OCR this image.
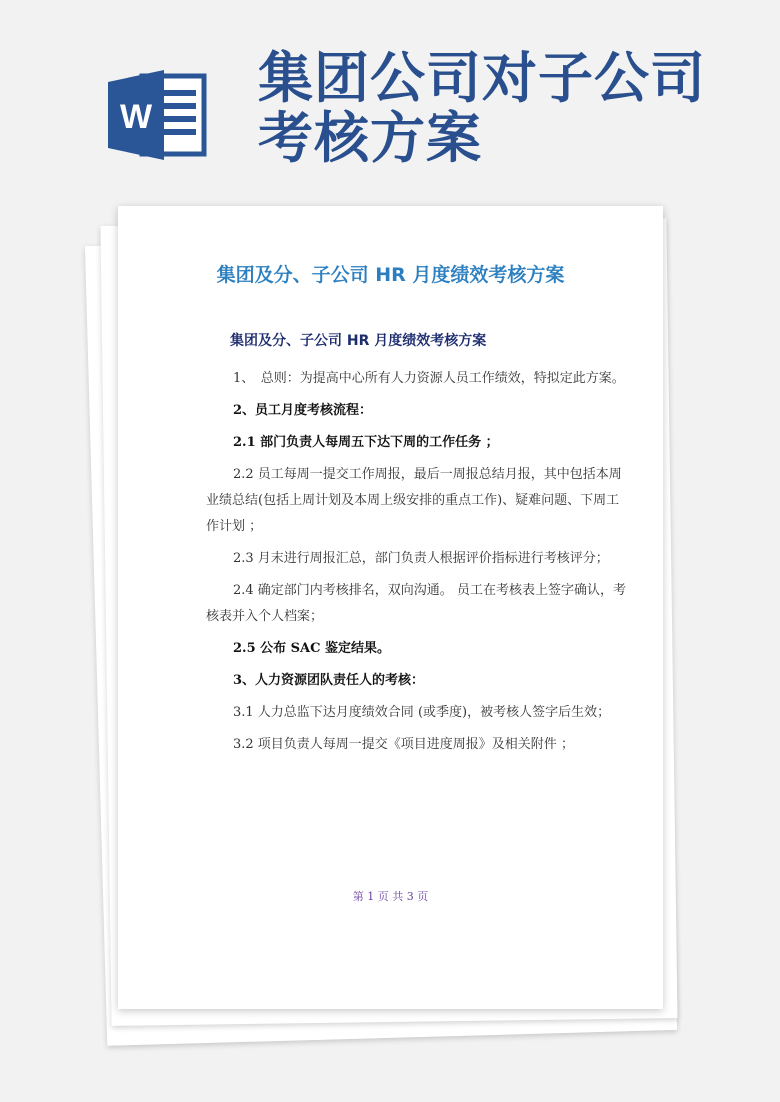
W
集团公司对子公司
考核方案
集团及分、子公司 HR 月度绩效考核方案
集团及分、子公司 HR 月度绩效考核方案

1、　总则：为提高中心所有人力资源人员工作绩效，特拟定此方案。

2、员工月度考核流程：

2.1 部门负责人每周五下达下周的工作任务 ；

2.2 员工每周一提交工作周报，最后一周报总结月报，其中包括本周业绩总结(包括上周计划及本周上级安排的重点工作)、疑难问题、下周工作计划 ；

2.3 月末进行周报汇总，部门负责人根据评价指标进行考核评分；

2.4 确定部门内考核排名，双向沟通。 员工在考核表上签字确认，考核表并入个人档案；

2.5 公布 SAC 鉴定结果。

3、人力资源团队责任人的考核：

3.1 人力总监下达月度绩效合同 (或季度)，被考核人签字后生效；

3.2 项目负责人每周一提交《项目进度周报》及相关附件 ；

第 1 页 共 3 页
